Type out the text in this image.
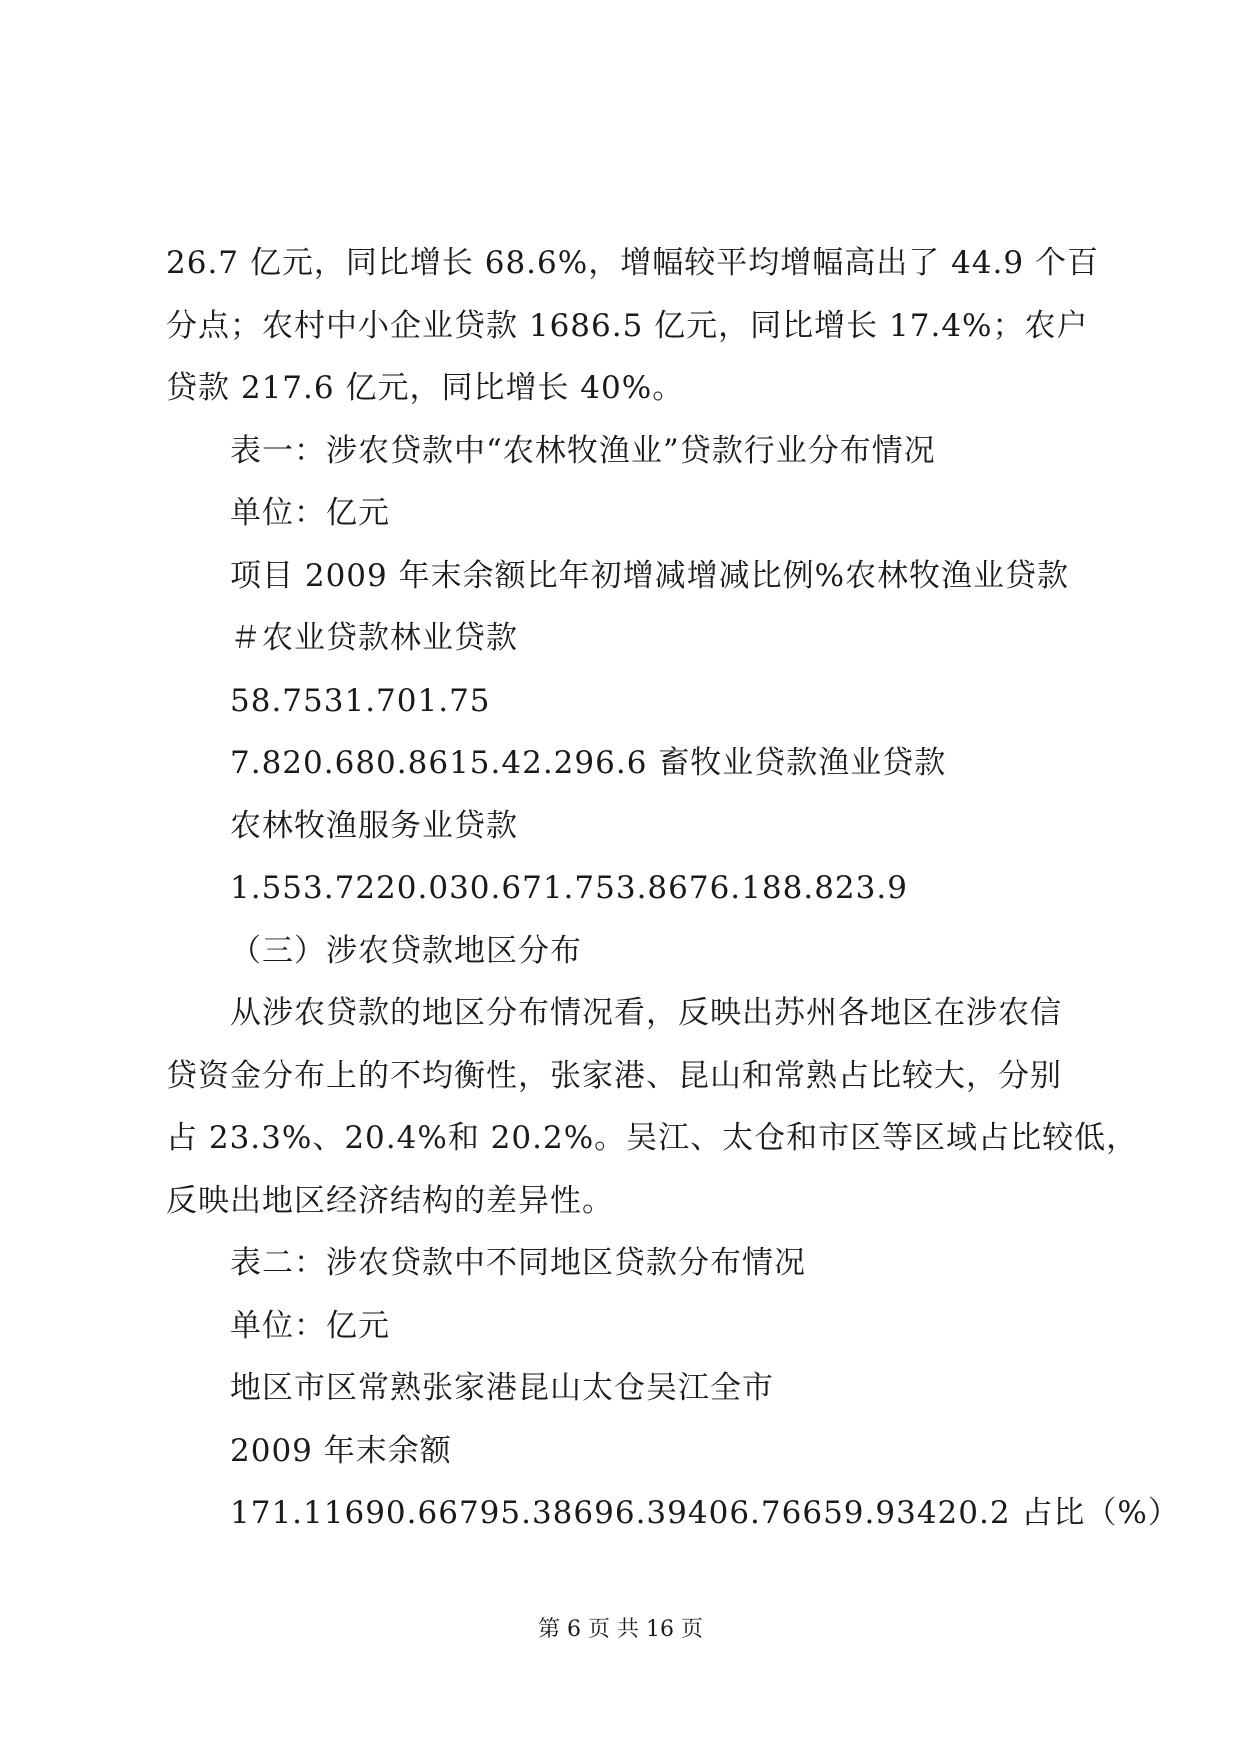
26.7 亿元，同比增长 68.6%，增幅较平均增幅高出了 44.9 个百
分点；农村中小企业贷款 1686.5 亿元，同比增长 17.4%；农户
贷款 217.6 亿元，同比增长 40%。
表一：涉农贷款中“农林牧渔业”贷款行业分布情况
单位：亿元
项目 2009 年末余额比年初增减增减比例%农林牧渔业贷款
＃农业贷款林业贷款
58.7531.701.75
7.820.680.8615.42.296.6 畜牧业贷款渔业贷款
农林牧渔服务业贷款
1.553.7220.030.671.753.8676.188.823.9
（三）涉农贷款地区分布
从涉农贷款的地区分布情况看，反映出苏州各地区在涉农信
贷资金分布上的不均衡性，张家港、昆山和常熟占比较大，分别
占 23.3%、20.4%和 20.2%。吴江、太仓和市区等区域占比较低，
反映出地区经济结构的差异性。
表二：涉农贷款中不同地区贷款分布情况
单位：亿元
地区市区常熟张家港昆山太仓吴江全市
2009 年末余额
171.11690.66795.38696.39406.76659.93420.2 占比（%）
第 6 页 共 16 页
